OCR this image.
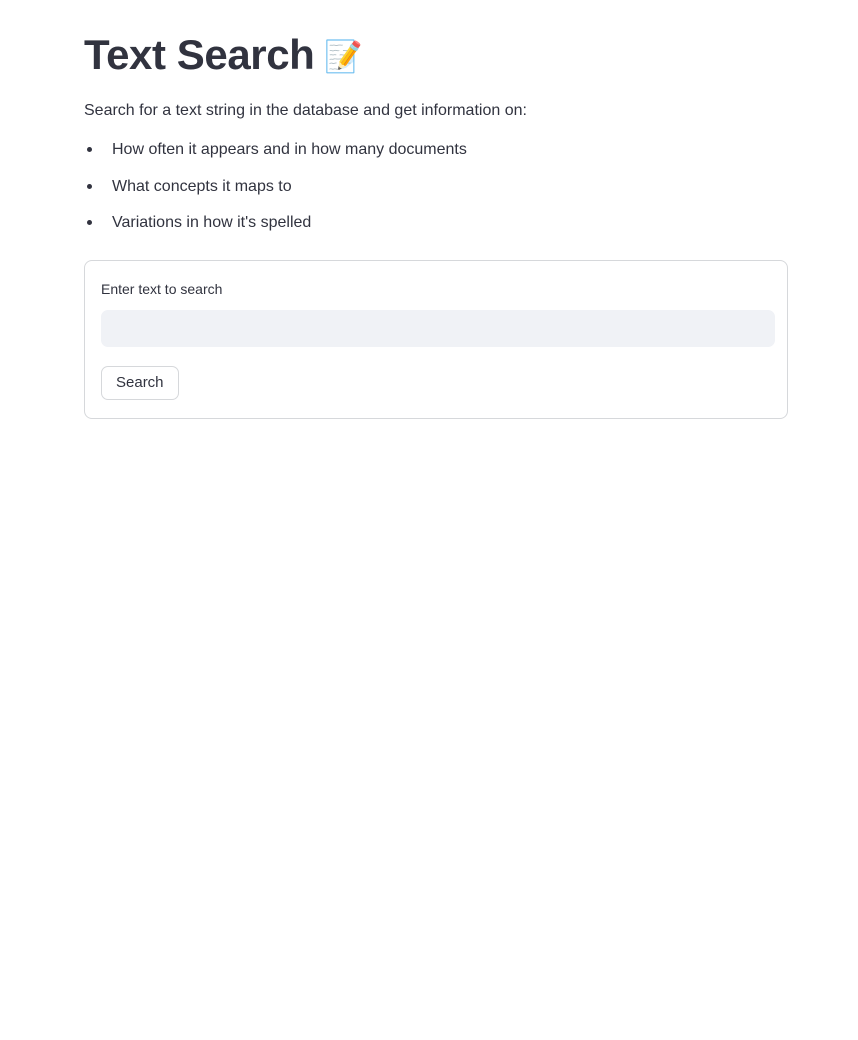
Text Search 📝

Search for a text string in the database and get information on:

How often it appears and in how many documents
What concepts it maps to
Variations in how it's spelled
Enter text to search
Search
